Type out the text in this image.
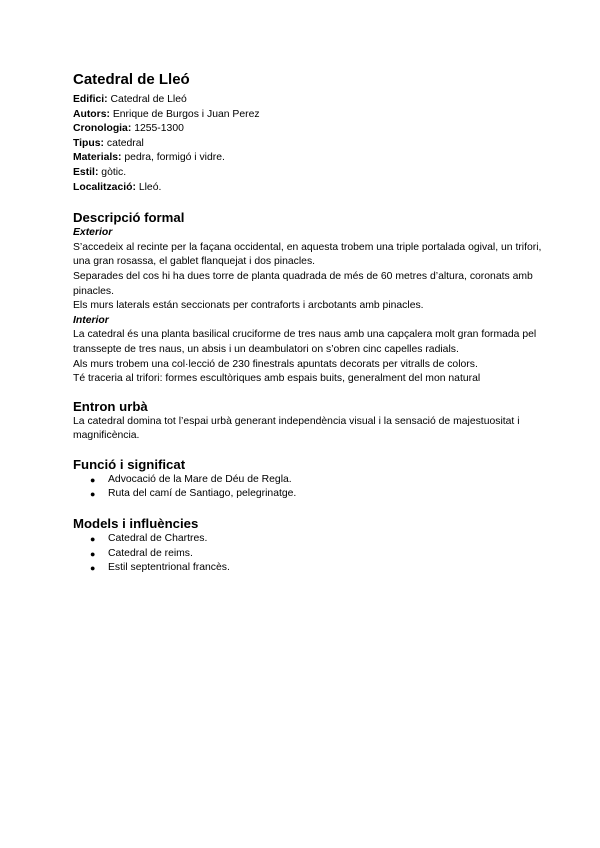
Catedral de Lleó
Edifici: Catedral de Lleó
Autors: Enrique de Burgos i Juan Perez
Cronologia: 1255-1300
Tipus: catedral
Materials: pedra, formigó i vidre.
Estil: gòtic.
Localització: Lleó.
Descripció formal
Exterior

S’accedeix al recinte per la façana occidental, en aquesta trobem una triple portalada ogival, un trifori, una gran rosassa, el gablet flanquejat i dos pinacles.

Separades del cos hi ha dues torre de planta quadrada de més de 60 metres d’altura, coronats amb pinacles.

Els murs laterals están seccionats per contraforts i arcbotants amb pinacles.

Interior

La catedral és una planta basilical cruciforme de tres naus amb una capçalera molt gran formada pel transsepte de tres naus, un absis i un deambulatori on s’obren cinc capelles radials.

Als murs trobem una col·lecció de 230 finestrals apuntats decorats per vitralls de colors.

Té traceria al trifori: formes escultòriques amb espais buits, generalment del mon natural

Entron urbà

La catedral domina tot l’espai urbà generant independència visual i la sensació de majestuositat i magnificència.

Funció i significat
● Advocació de la Mare de Déu de Regla.
● Ruta del camí de Santiago, pelegrinatge.
Models i influències
● Catedral de Chartres.
● Catedral de reims.
● Estil septentrional francès.
